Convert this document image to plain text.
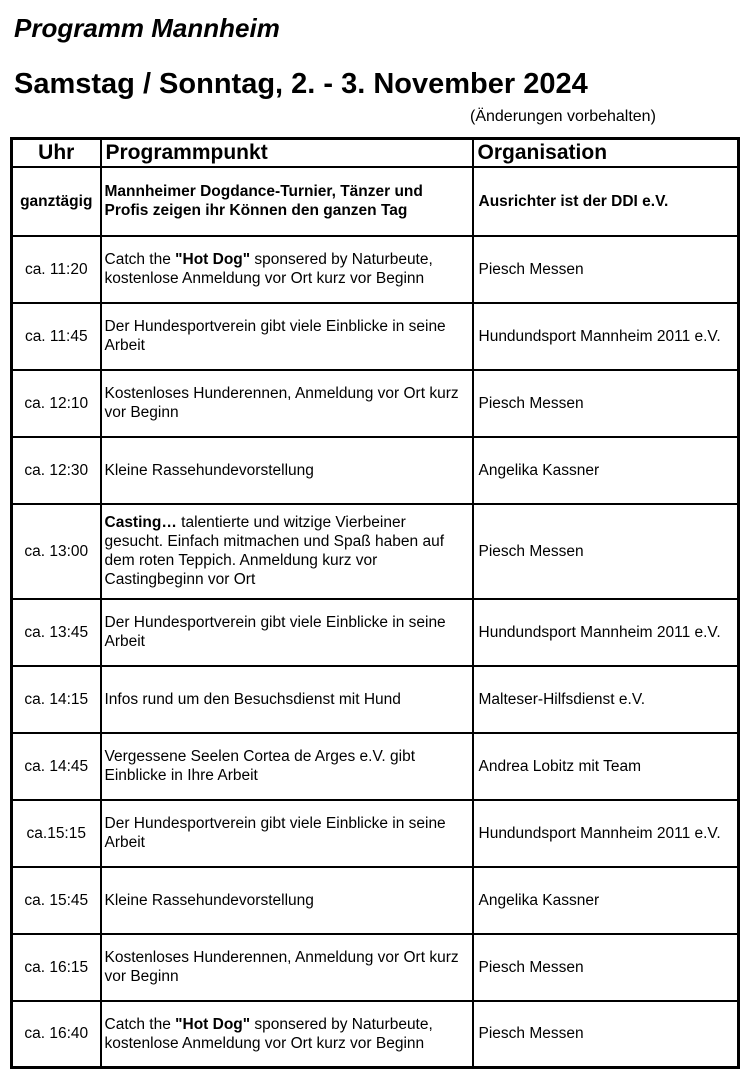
Programm Mannheim
Samstag / Sonntag, 2. - 3. November 2024
(Änderungen vorbehalten)
Uhr	Programmpunkt	Organisation
ganztägig	Mannheimer Dogdance-Turnier, Tänzer und Profis zeigen ihr Können den ganzen Tag	Ausrichter ist der DDI e.V.
ca. 11:20	Catch the "Hot Dog" sponsered by Naturbeute, kostenlose Anmeldung vor Ort kurz vor Beginn	Piesch Messen
ca. 11:45	Der Hundesportverein gibt viele Einblicke in seine Arbeit	Hundundsport Mannheim 2011 e.V.
ca. 12:10	Kostenloses Hunderennen, Anmeldung vor Ort kurz vor Beginn	Piesch Messen
ca. 12:30	Kleine Rassehundevorstellung	Angelika Kassner
ca. 13:00	Casting… talentierte und witzige Vierbeiner gesucht. Einfach mitmachen und Spaß haben auf dem roten Teppich. Anmeldung kurz vor Castingbeginn vor Ort	Piesch Messen
ca. 13:45	Der Hundesportverein gibt viele Einblicke in seine Arbeit	Hundundsport Mannheim 2011 e.V.
ca. 14:15	Infos rund um den Besuchsdienst mit Hund	Malteser-Hilfsdienst e.V.
ca. 14:45	Vergessene Seelen Cortea de Arges e.V. gibt Einblicke in Ihre Arbeit	Andrea Lobitz mit Team
ca.15:15	Der Hundesportverein gibt viele Einblicke in seine Arbeit	Hundundsport Mannheim 2011 e.V.
ca. 15:45	Kleine Rassehundevorstellung	Angelika Kassner
ca. 16:15	Kostenloses Hunderennen, Anmeldung vor Ort kurz vor Beginn	Piesch Messen
ca. 16:40	Catch the "Hot Dog" sponsered by Naturbeute, kostenlose Anmeldung vor Ort kurz vor Beginn	Piesch Messen
